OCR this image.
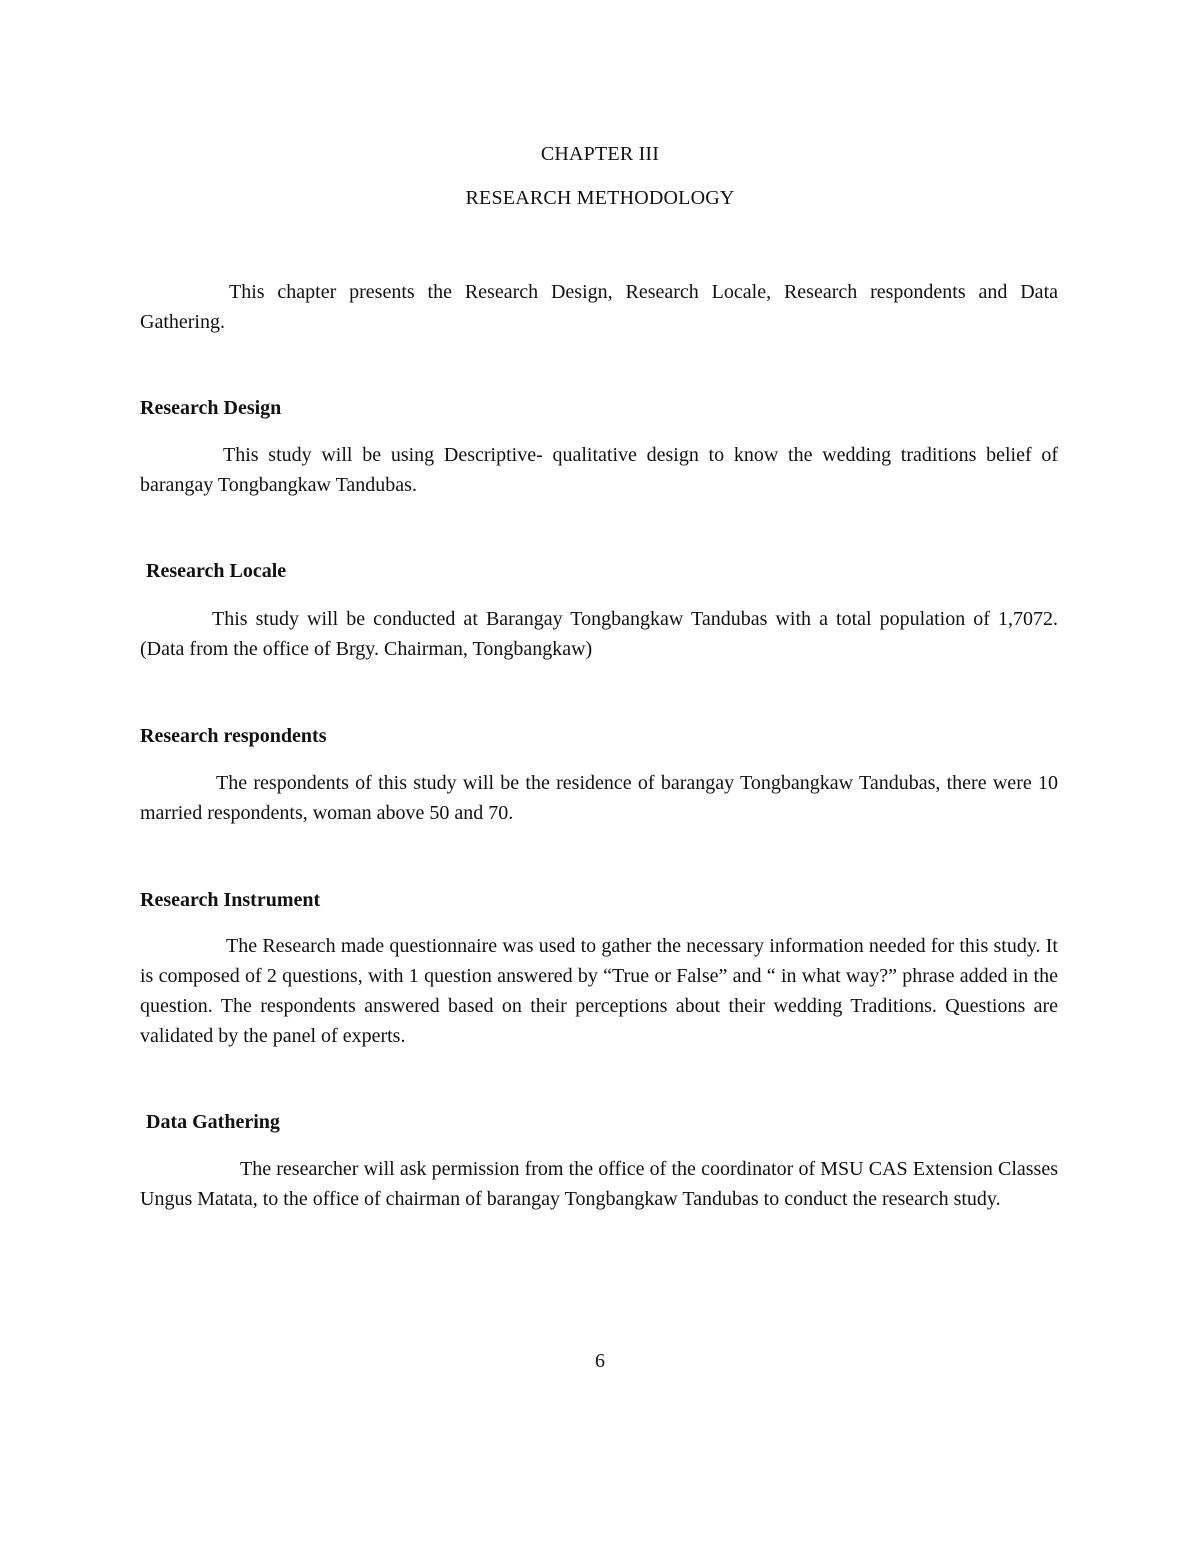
CHAPTER III
RESEARCH METHODOLOGY
This chapter presents the Research Design, Research Locale, Research respondents and Data Gathering.
Research Design
This study will be using Descriptive- qualitative design to know the wedding traditions belief of barangay Tongbangkaw Tandubas.
Research Locale
This study will be conducted at Barangay Tongbangkaw Tandubas with a total population of 1,7072. (Data from the office of Brgy. Chairman, Tongbangkaw)
Research respondents
The respondents of this study will be the residence of barangay Tongbangkaw Tandubas, there were 10 married respondents, woman above 50 and 70.
Research Instrument
The Research made questionnaire was used to gather the necessary information needed for this study. It is composed of 2 questions, with 1 question answered by “True or False” and “ in what way?” phrase added in the question. The respondents answered based on their perceptions about their wedding Traditions. Questions are validated by the panel of experts.
Data Gathering
The researcher will ask permission from the office of the coordinator of MSU CAS Extension Classes Ungus Matata, to the office of chairman of barangay Tongbangkaw Tandubas to conduct the research study.
6
